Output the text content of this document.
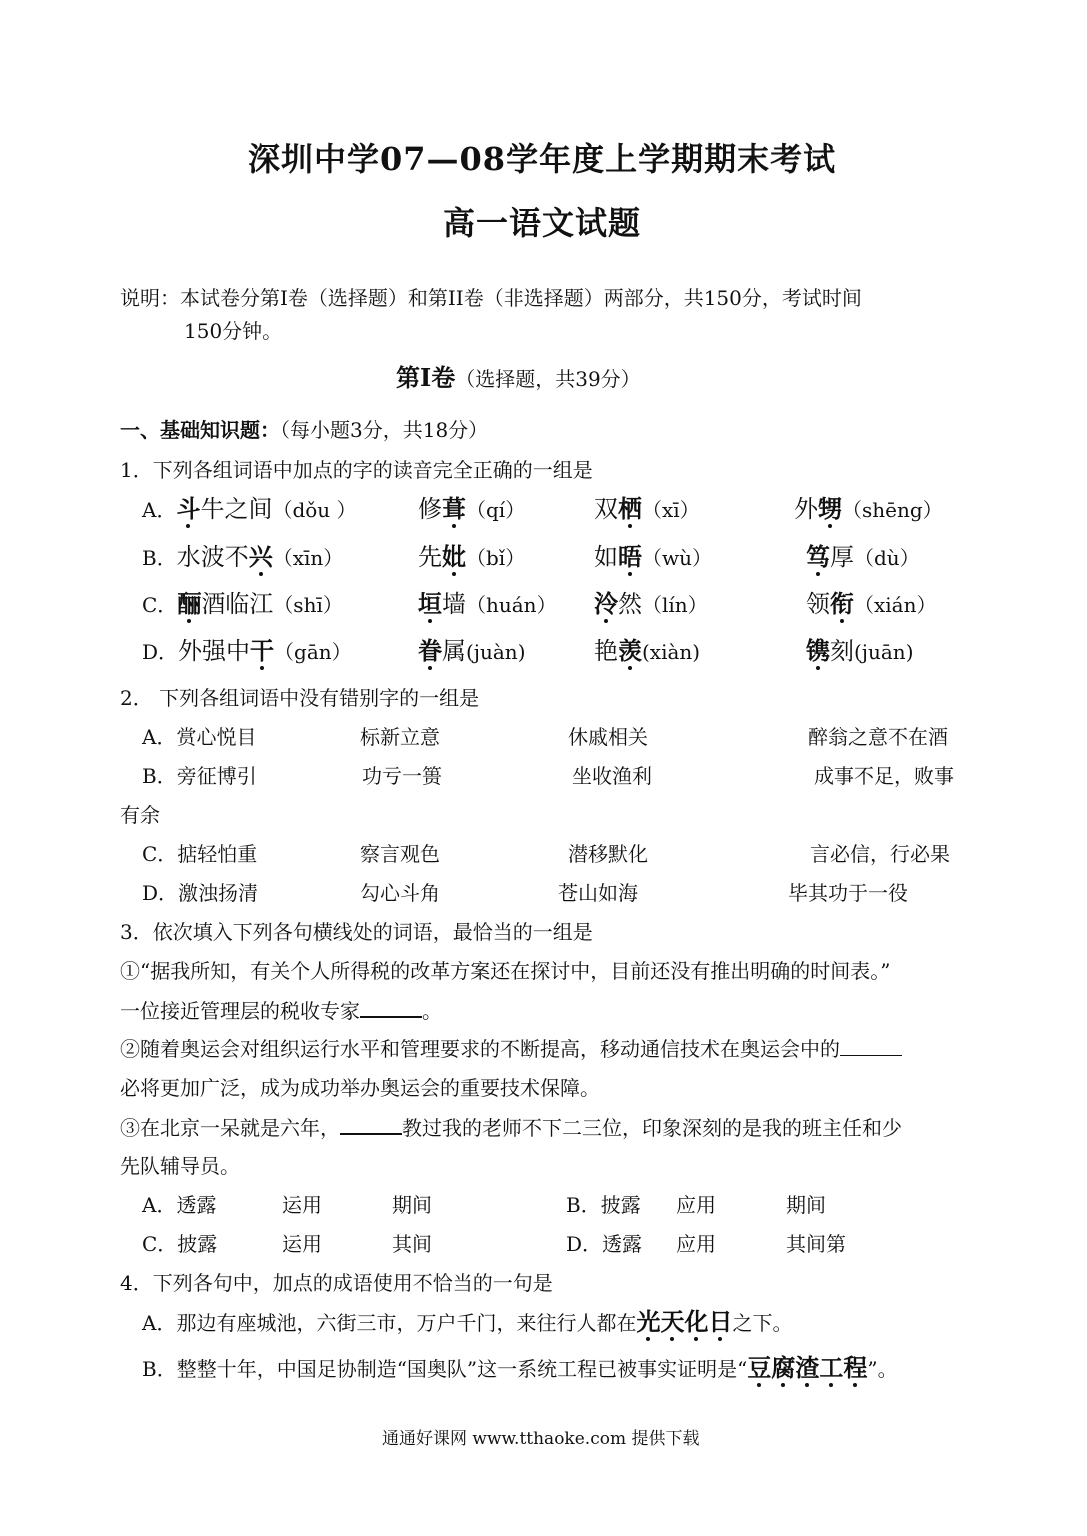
深圳中学07—08学年度上学期期末考试
高一语文试题
说明：本试卷分第I卷（选择题）和第II卷（非选择题）两部分，共150分，考试时间
150分钟。
第I卷（选择题，共39分）
一、基础知识题：（每小题3分，共18分）
1．下列各组词语中加点的字的读音完全正确的一组是
A．斗牛之间（dǒu ）	修葺（qí）	双栖（xī）	外甥（shēng）
B．水波不兴（xīn）	先妣（bǐ）	如晤（wù）	笃厚（dù）
C．酾酒临江（shī）	垣墙（huán） 泠然（lín）	领衔（xián）
D．外强中干（gān）	眷属(juàn)	艳羡(xiàn)	镌刻(juān)
2． 下列各组词语中没有错别字的一组是
A．赏心悦目	标新立意	休戚相关	醉翁之意不在酒
B．旁征博引	功亏一篑	坐收渔利	成事不足，败事
有余
C．掂轻怕重	察言观色	潜移默化	言必信，行必果
D．激浊扬清	勾心斗角	苍山如海	毕其功于一役
3．依次填入下列各句横线处的词语，最恰当的一组是
①“据我所知，有关个人所得税的改革方案还在探讨中，目前还没有推出明确的时间表。”
一位接近管理层的税收专家	。
②随着奥运会对组织运行水平和管理要求的不断提高，移动通信技术在奥运会中的
必将更加广泛，成为成功举办奥运会的重要技术保障。
③在北京一呆就是六年，	教过我的老师不下二三位，印象深刻的是我的班主任和少
先队辅导员。
A．透露	运用	期间	B．披露 应用	期间
C．披露	运用	其间	D．透露 应用	其间第
4．下列各句中，加点的成语使用不恰当的一句是
A．那边有座城池，六街三市，万户千门，来往行人都在光天化日之下。
B．整整十年，中国足协制造“国奥队”这一系统工程已被事实证明是“豆腐渣工程”。
通通好课网 www.tthaoke.com 提供下载
